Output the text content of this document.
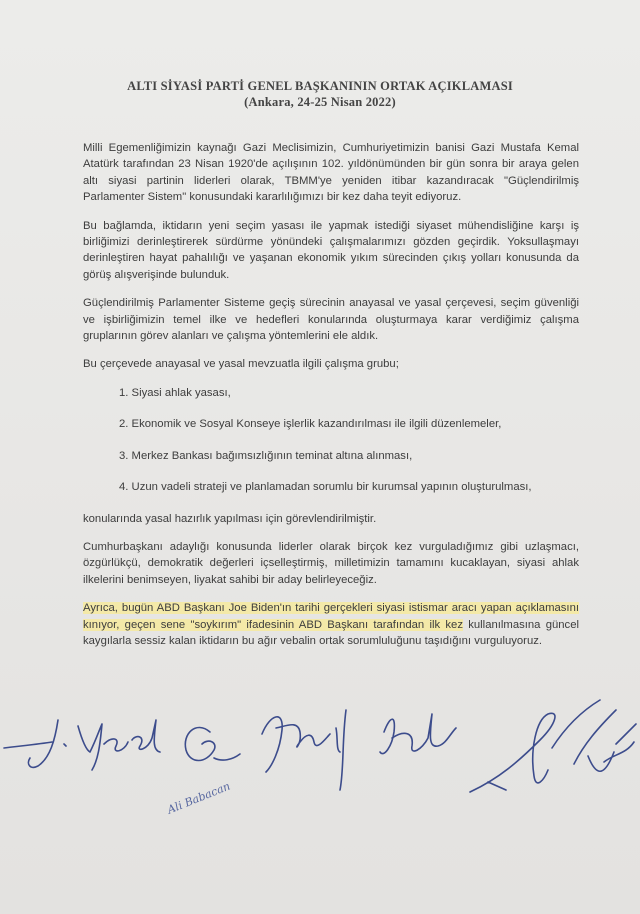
ALTI SİYASİ PARTİ GENEL BAŞKANININ ORTAK AÇIKLAMASI
(Ankara, 24-25 Nisan 2022)

Milli Egemenliğimizin kaynağı Gazi Meclisimizin, Cumhuriyetimizin banisi Gazi Mustafa Kemal Atatürk tarafından 23 Nisan 1920'de açılışının 102. yıldönümünden bir gün sonra bir araya gelen altı siyasi partinin liderleri olarak, TBMM'ye yeniden itibar kazandıracak "Güçlendirilmiş Parlamenter Sistem" konusundaki kararlılığımızı bir kez daha teyit ediyoruz.

Bu bağlamda, iktidarın yeni seçim yasası ile yapmak istediği siyaset mühendisliğine karşı iş birliğimizi derinleştirerek sürdürme yönündeki çalışmalarımızı gözden geçirdik. Yoksullaşmayı derinleştiren hayat pahalılığı ve yaşanan ekonomik yıkım sürecinden çıkış yolları konusunda da görüş alışverişinde bulunduk.

Güçlendirilmiş Parlamenter Sisteme geçiş sürecinin anayasal ve yasal çerçevesi, seçim güvenliği ve işbirliğimizin temel ilke ve hedefleri konularında oluşturmaya karar verdiğimiz çalışma gruplarının görev alanları ve çalışma yöntemlerini ele aldık.

Bu çerçevede anayasal ve yasal mevzuatla ilgili çalışma grubu;

1. Siyasi ahlak yasası,
2. Ekonomik ve Sosyal Konseye işlerlik kazandırılması ile ilgili düzenlemeler,
3. Merkez Bankası bağımsızlığının teminat altına alınması,
4. Uzun vadeli strateji ve planlamadan sorumlu bir kurumsal yapının oluşturulması,

konularında yasal hazırlık yapılması için görevlendirilmiştir.

Cumhurbaşkanı adaylığı konusunda liderler olarak birçok kez vurguladığımız gibi uzlaşmacı, özgürlükçü, demokratik değerleri içselleştirmiş, milletimizin tamamını kucaklayan, siyasi ahlak ilkelerini benimseyen, liyakat sahibi bir aday belirleyeceğiz.

Ayrıca, bugün ABD Başkanı Joe Biden'ın tarihi gerçekleri siyasi istismar aracı yapan açıklamasını kınıyor, geçen sene "soykırım" ifadesinin ABD Başkanı tarafından ilk kez kullanılmasına güncel kaygılarla sessiz kalan iktidarın bu ağır vebalin ortak sorumluluğunu taşıdığını vurguluyoruz.

Ali Babacan
